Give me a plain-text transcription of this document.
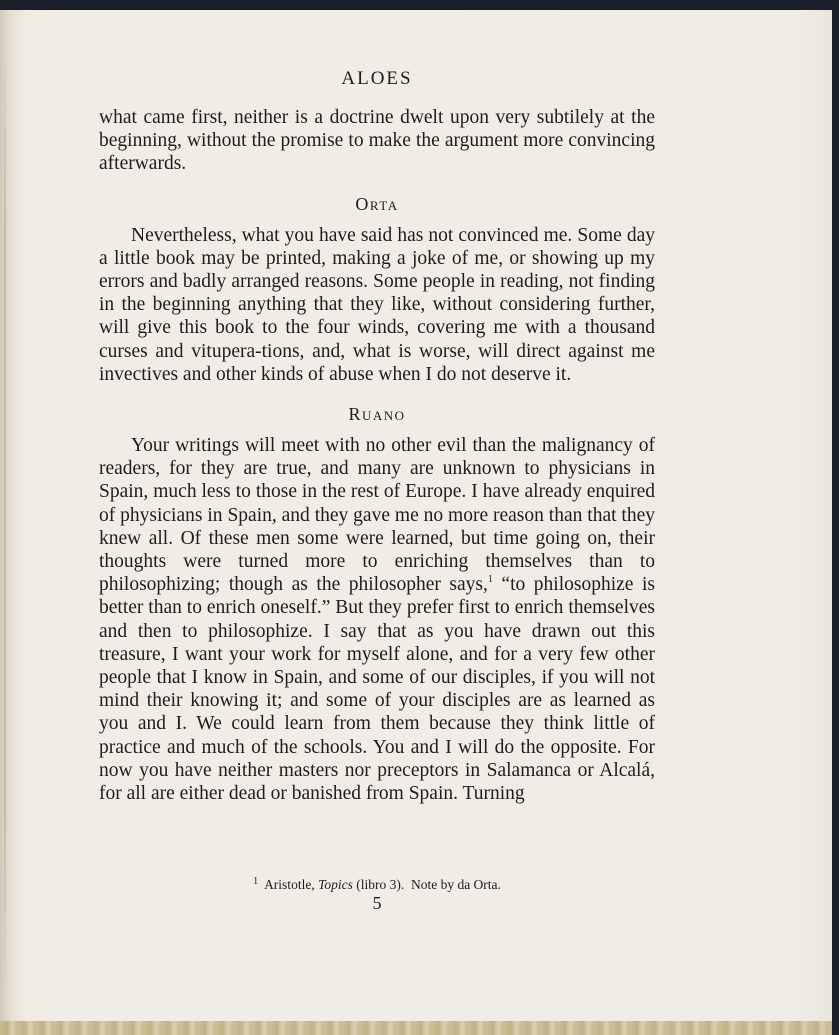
ALOES

what came first, neither is a doctrine dwelt upon very subtilely at the beginning, without the promise to make the argument more convincing afterwards.

Orta

Nevertheless, what you have said has not convinced me. Some day a little book may be printed, making a joke of me, or showing up my errors and badly arranged reasons. Some people in reading, not finding in the beginning anything that they like, without considering further, will give this book to the four winds, covering me with a thousand curses and vitupera-tions, and, what is worse, will direct against me invectives and other kinds of abuse when I do not deserve it.

Ruano

Your writings will meet with no other evil than the malignancy of readers, for they are true, and many are unknown to physicians in Spain, much less to those in the rest of Europe. I have already enquired of physicians in Spain, and they gave me no more reason than that they knew all. Of these men some were learned, but time going on, their thoughts were turned more to enriching themselves than to philosophizing; though as the philosopher says,$^1$ “to philosophize is better than to enrich oneself.” But they prefer first to enrich themselves and then to philosophize. I say that as you have drawn out this treasure, I want your work for myself alone, and for a very few other people that I know in Spain, and some of our disciples, if you will not mind their knowing it; and some of your disciples are as learned as you and I. We could learn from them because they think little of practice and much of the schools. You and I will do the opposite. For now you have neither masters nor preceptors in Salamanca or Alcalá, for all are either dead or banished from Spain. Turning

$^1$ Aristotle, Topics (libro 3). Note by da Orta.
5
